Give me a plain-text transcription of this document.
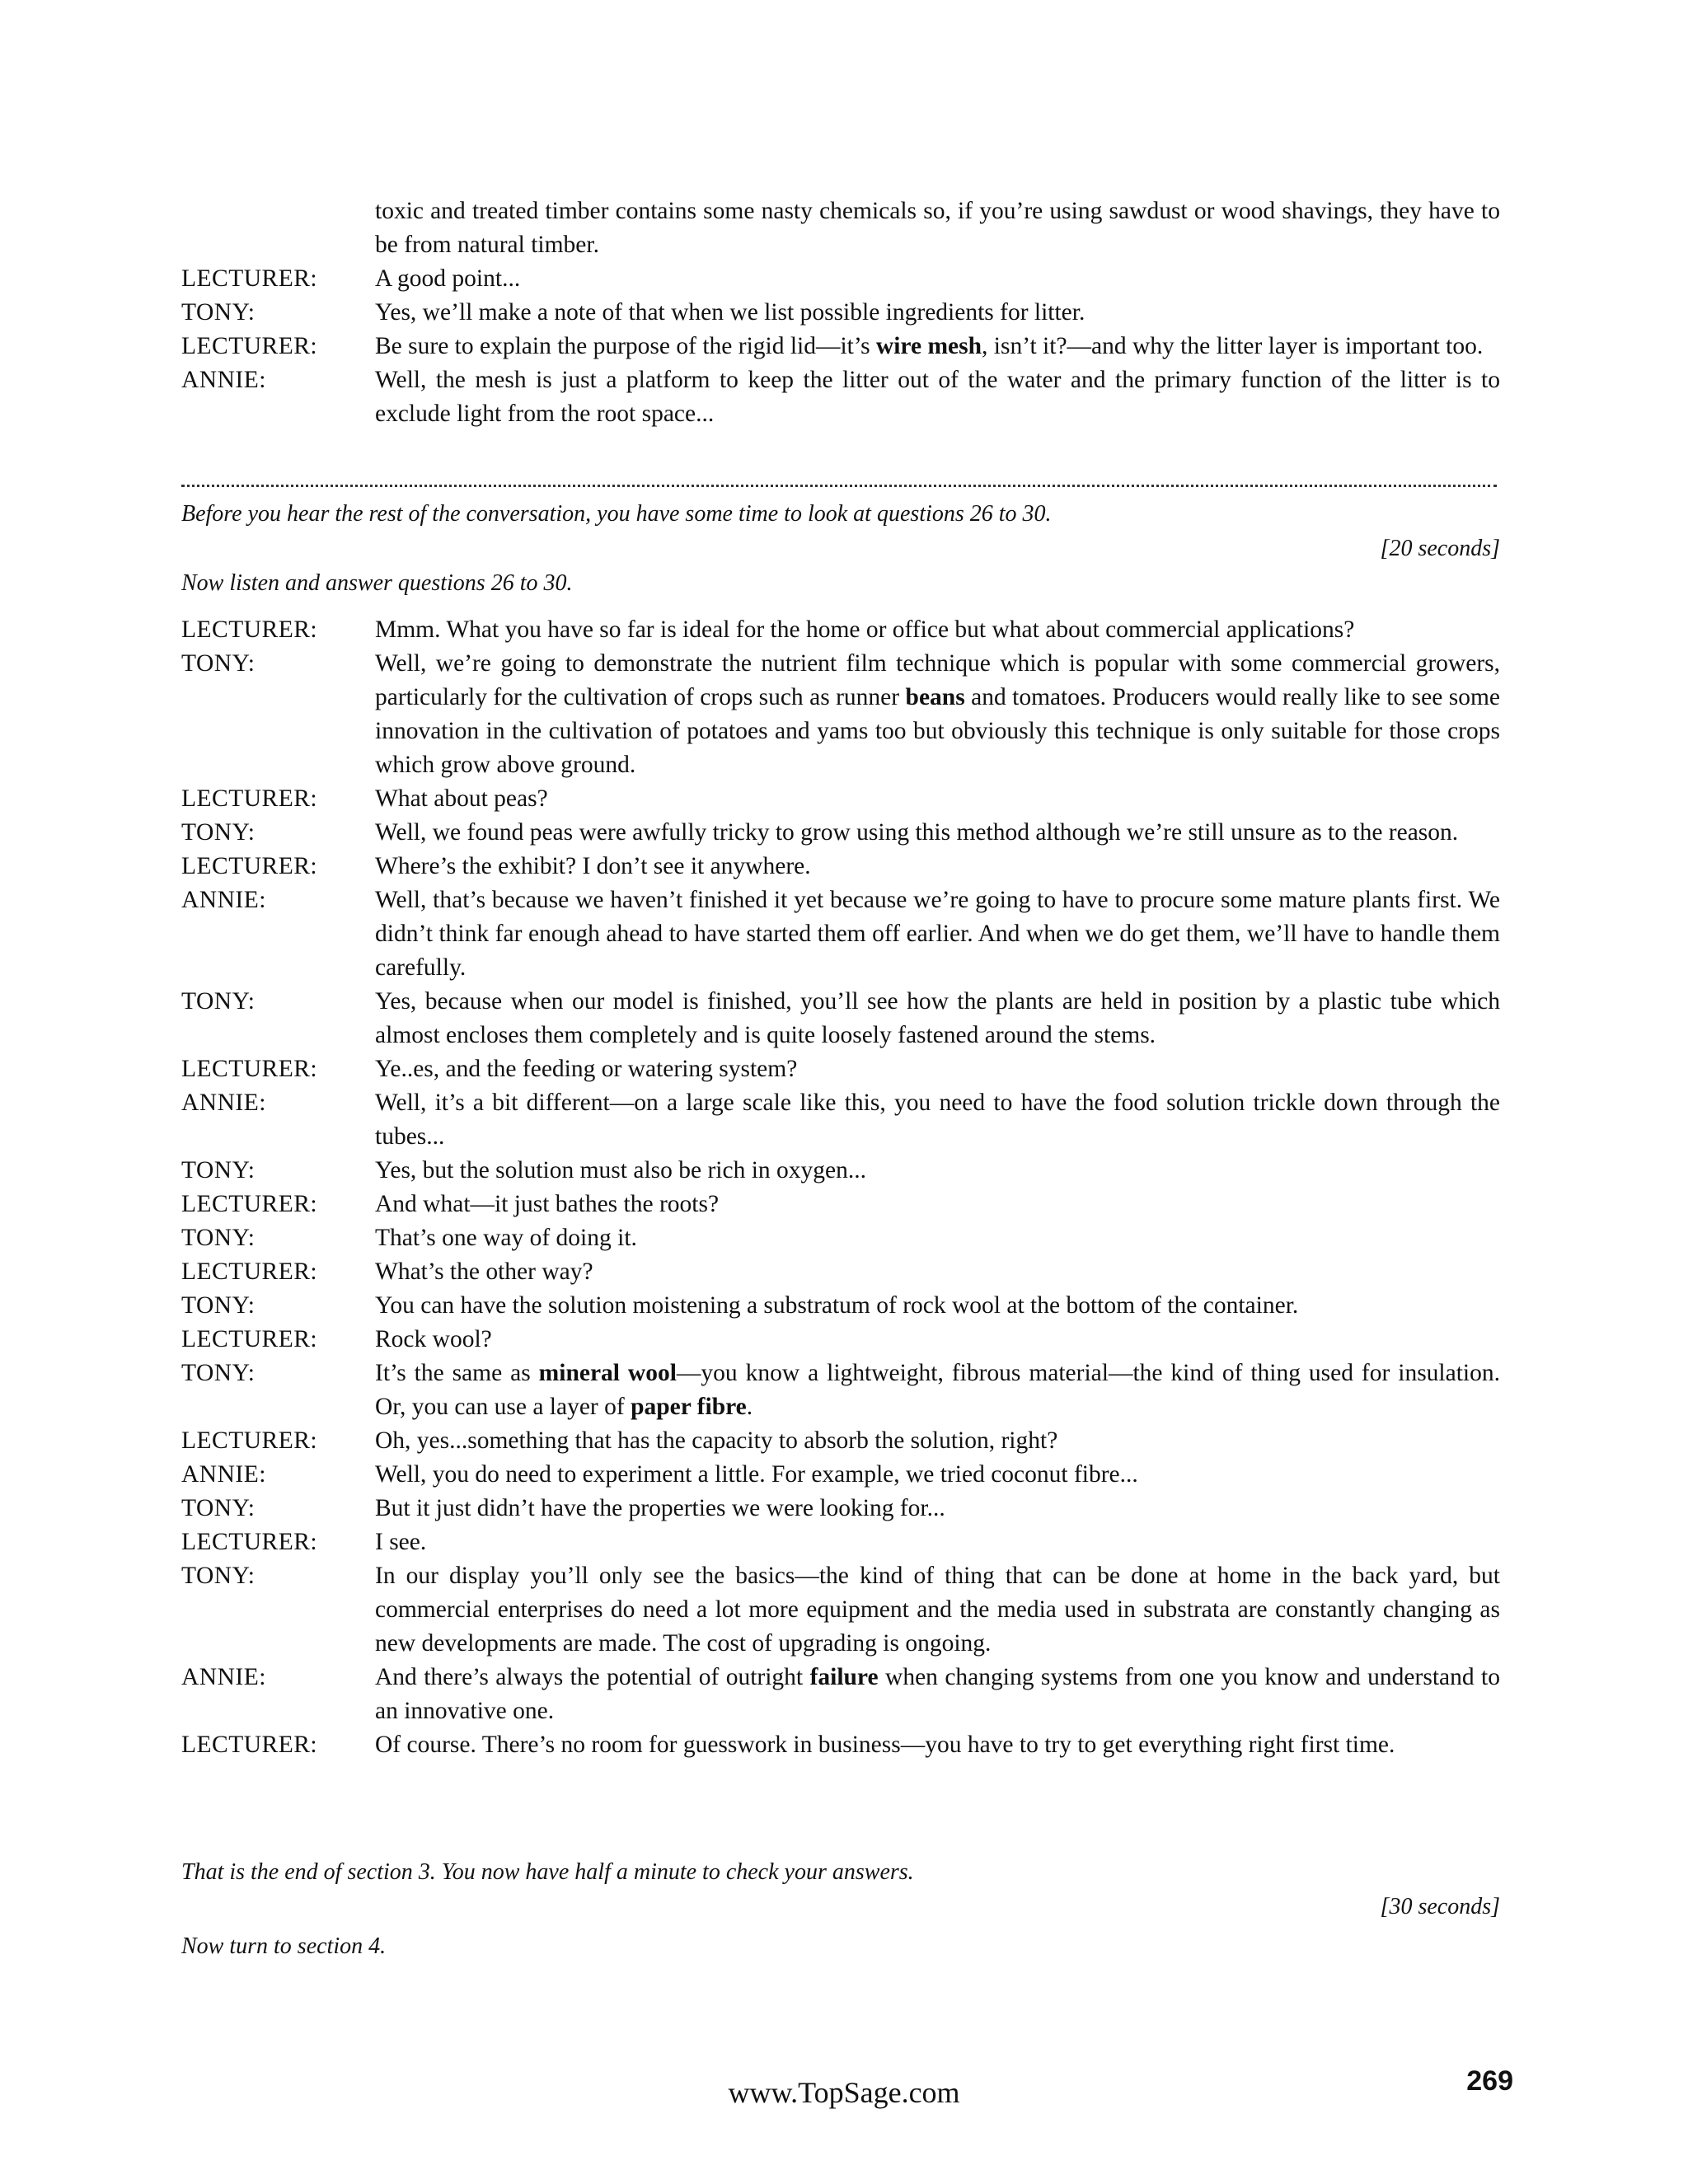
toxic and treated timber contains some nasty chemicals so, if you’re using sawdust or wood shavings, they have to be from natural timber.
LECTURER:	A good point...
TONY:	Yes, we’ll make a note of that when we list possible ingredients for litter.
LECTURER:	Be sure to explain the purpose of the rigid lid—it’s wire mesh, isn’t it?—and why the litter layer is important too.
ANNIE:	Well, the mesh is just a platform to keep the litter out of the water and the primary function of the litter is to exclude light from the root space...
Before you hear the rest of the conversation, you have some time to look at questions 26 to 30.
[20 seconds]
Now listen and answer questions 26 to 30.
LECTURER:	Mmm. What you have so far is ideal for the home or office but what about commercial applications?
TONY:	Well, we’re going to demonstrate the nutrient film technique which is popular with some commercial growers, particularly for the cultivation of crops such as runner beans and tomatoes. Producers would really like to see some innovation in the cultivation of potatoes and yams too but obviously this technique is only suitable for those crops which grow above ground.
LECTURER:	What about peas?
TONY:	Well, we found peas were awfully tricky to grow using this method although we’re still unsure as to the reason.
LECTURER:	Where’s the exhibit? I don’t see it anywhere.
ANNIE:	Well, that’s because we haven’t finished it yet because we’re going to have to procure some mature plants first. We didn’t think far enough ahead to have started them off earlier. And when we do get them, we’ll have to handle them carefully.
TONY:	Yes, because when our model is finished, you’ll see how the plants are held in position by a plastic tube which almost encloses them completely and is quite loosely fastened around the stems.
LECTURER:	Ye..es, and the feeding or watering system?
ANNIE:	Well, it’s a bit different—on a large scale like this, you need to have the food solution trickle down through the tubes...
TONY:	Yes, but the solution must also be rich in oxygen...
LECTURER:	And what—it just bathes the roots?
TONY:	That’s one way of doing it.
LECTURER:	What’s the other way?
TONY:	You can have the solution moistening a substratum of rock wool at the bottom of the container.
LECTURER:	Rock wool?
TONY:	It’s the same as mineral wool—you know a lightweight, fibrous material—the kind of thing used for insulation. Or, you can use a layer of paper fibre.
LECTURER:	Oh, yes...something that has the capacity to absorb the solution, right?
ANNIE:	Well, you do need to experiment a little. For example, we tried coconut fibre...
TONY:	But it just didn’t have the properties we were looking for...
LECTURER:	I see.
TONY:	In our display you’ll only see the basics—the kind of thing that can be done at home in the back yard, but commercial enterprises do need a lot more equipment and the media used in substrata are constantly changing as new developments are made. The cost of upgrading is ongoing.
ANNIE:	And there’s always the potential of outright failure when changing systems from one you know and understand to an innovative one.
LECTURER:	Of course. There’s no room for guesswork in business—you have to try to get everything right first time.
That is the end of section 3. You now have half a minute to check your answers.
[30 seconds]
Now turn to section 4.
www.TopSage.com	269
